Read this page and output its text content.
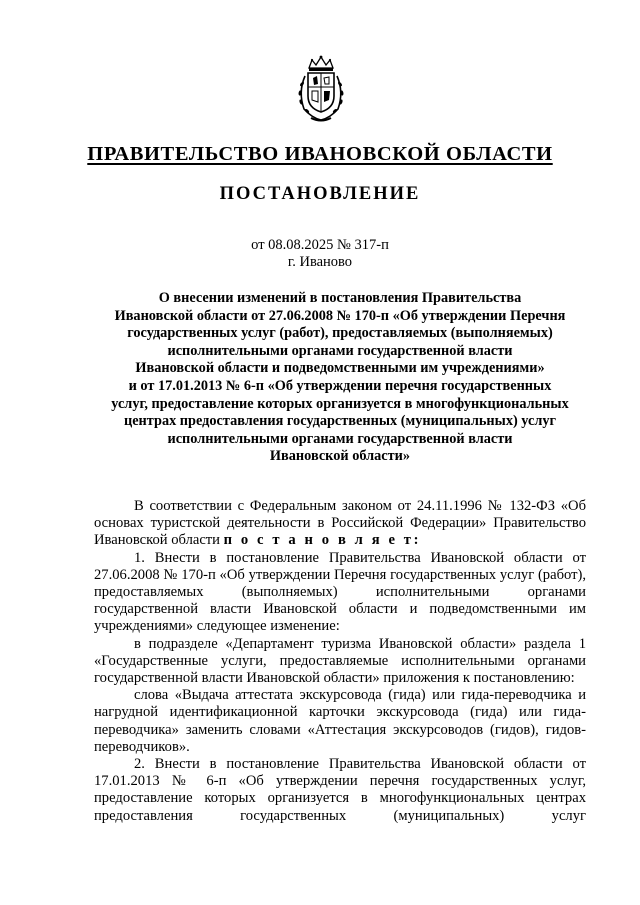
ПРАВИТЕЛЬСТВО ИВАНОВСКОЙ ОБЛАСТИ
ПОСТАНОВЛЕНИЕ
от 08.08.2025 № 317-п
г. Иваново
О внесении изменений в постановления Правительства
Ивановской области от 27.06.2008 № 170-п «Об утверждении Перечня
государственных услуг (работ), предоставляемых (выполняемых)
исполнительными органами государственной власти
Ивановской области и подведомственными им учреждениями»
и от 17.01.2013 № 6-п «Об утверждении перечня государственных
услуг, предоставление которых организуется в многофункциональных
центрах предоставления государственных (муниципальных) услуг
исполнительными органами государственной власти
Ивановской области»

В соответствии с Федеральным законом от 24.11.1996 № 132-ФЗ «Об основах туристской деятельности в Российской Федерации» Правительство Ивановской области п о с т а н о в л я е т:

1. Внести в постановление Правительства Ивановской области от 27.06.2008 № 170-п «Об утверждении Перечня государственных услуг (работ), предоставляемых (выполняемых) исполнительными органами государственной власти Ивановской области и подведомственными им учреждениями» следующее изменение:

в подразделе «Департамент туризма Ивановской области» раздела 1 «Государственные услуги, предоставляемые исполнительными органами государственной власти Ивановской области» приложения к постановлению:

слова «Выдача аттестата экскурсовода (гида) или гида-переводчика и нагрудной идентификационной карточки экскурсовода (гида) или гида-переводчика» заменить словами «Аттестация экскурсоводов (гидов), гидов-переводчиков».

2. Внести в постановление Правительства Ивановской области от 17.01.2013 № 6-п «Об утверждении перечня государственных услуг, предоставление которых организуется в многофункциональных центрах предоставления государственных (муниципальных) услуг
